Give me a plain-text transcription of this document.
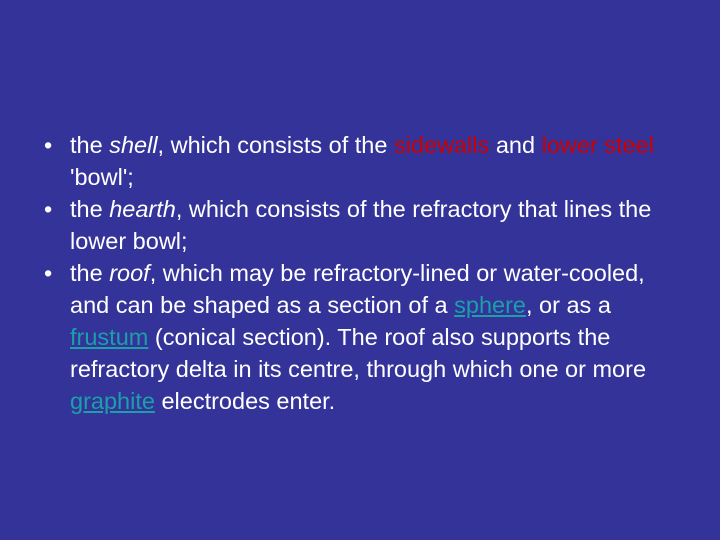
• the shell, which consists of the sidewalls and lower steel 'bowl';
• the hearth, which consists of the refractory that lines the lower bowl;
• the roof, which may be refractory-lined or water-cooled, and can be shaped as a section of a sphere, or as a frustum (conical section). The roof also supports the refractory delta in its centre, through which one or more graphite electrodes enter.
